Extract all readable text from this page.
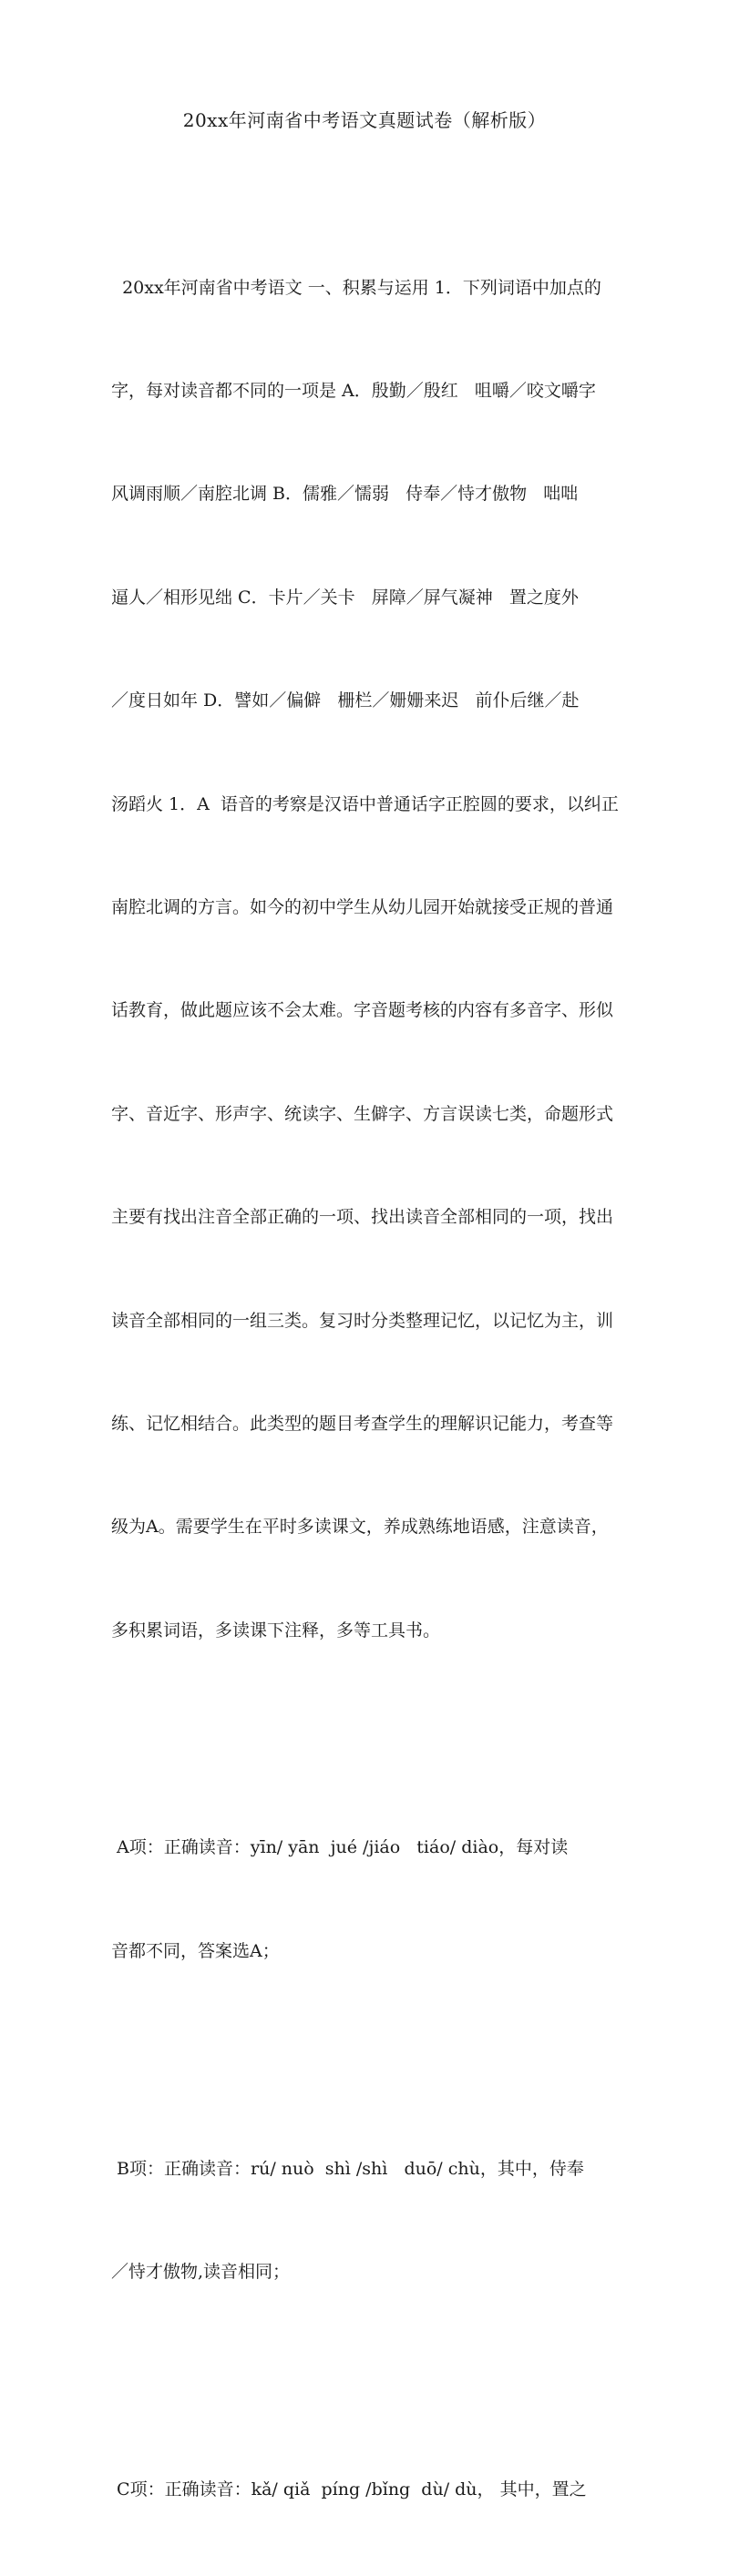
20xx年河南省中考语文真题试卷（解析版）

20xx年河南省中考语文 一、积累与运用 1．下列词语中加点的

字，每对读音都不同的一项是 A．殷勤／殷红   咀嚼／咬文嚼字

风调雨顺／南腔北调 B．儒雅／懦弱   侍奉／恃才傲物   咄咄

逼人／相形见绌 C．卡片／关卡   屏障／屏气凝神   置之度外

／度日如年 D．譬如／偏僻   栅栏／姗姗来迟   前仆后继／赴

汤蹈火 1．A  语音的考察是汉语中普通话字正腔圆的要求，以纠正

南腔北调的方言。如今的初中学生从幼儿园开始就接受正规的普通

话教育，做此题应该不会太难。字音题考核的内容有多音字、形似

字、音近字、形声字、统读字、生僻字、方言误读七类，命题形式

主要有找出注音全部正确的一项、找出读音全部相同的一项，找出

读音全部相同的一组三类。复习时分类整理记忆，以记忆为主，训

练、记忆相结合。此类型的题目考查学生的理解识记能力，考查等

级为A。需要学生在平时多读课文，养成熟练地语感，注意读音，

多积累词语，多读课下注释，多等工具书。

A项：正确读音：yīn/ yān  jué /jiáo   tiáo/ diào，每对读

音都不同，答案选A；

B项：正确读音：rú/ nuò  shì /shì   duō/ chù，其中，侍奉

／恃才傲物,读音相同；

C项：正确读音：kǎ/ qiǎ  píng /bǐng  dù/ dù， 其中，置之
